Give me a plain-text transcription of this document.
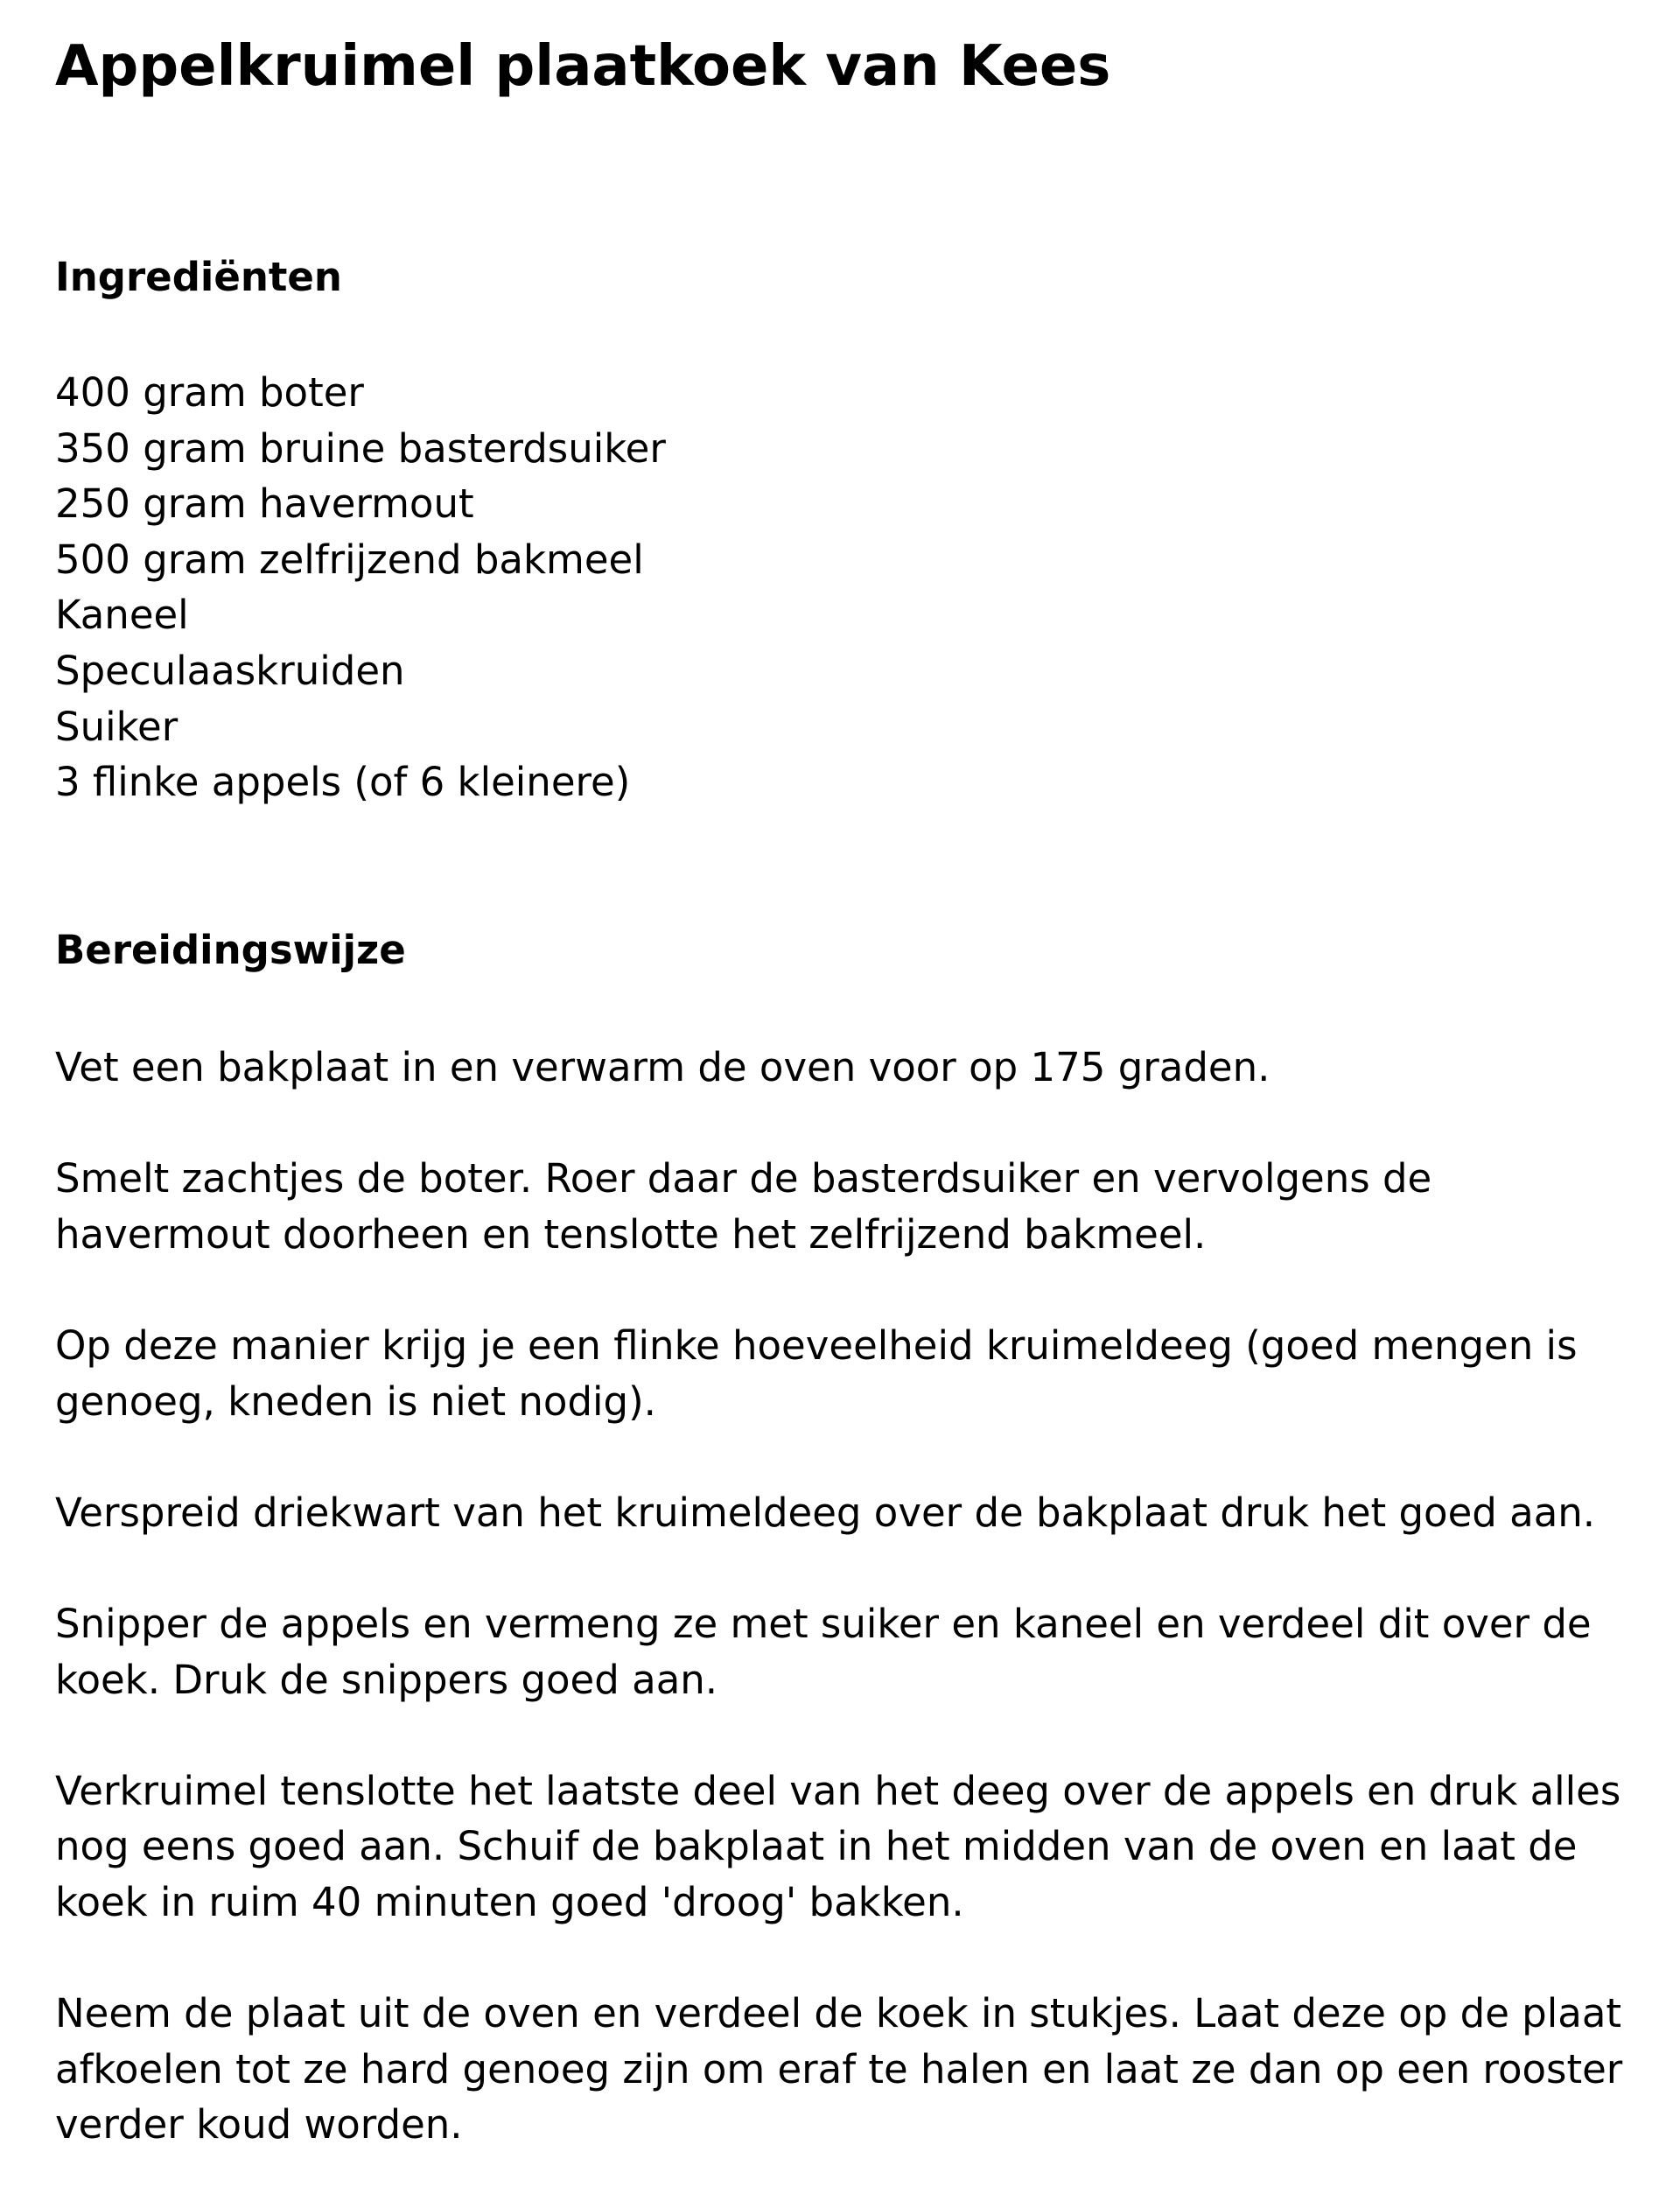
Appelkruimel plaatkoek van Kees
Ingrediënten
400 gram boter
350 gram bruine basterdsuiker
250 gram havermout
500 gram zelfrijzend bakmeel
Kaneel
Speculaaskruiden
Suiker
3 flinke appels (of 6 kleinere)
Bereidingswijze

Vet een bakplaat in en verwarm de oven voor op 175 graden.

Smelt zachtjes de boter. Roer daar de basterdsuiker en vervolgens de havermout doorheen en tenslotte het zelfrijzend bakmeel.

Op deze manier krijg je een flinke hoeveelheid kruimeldeeg (goed mengen is genoeg, kneden is niet nodig).

Verspreid driekwart van het kruimeldeeg over de bakplaat druk het goed aan.

Snipper de appels en vermeng ze met suiker en kaneel en verdeel dit over de koek. Druk de snippers goed aan.

Verkruimel tenslotte het laatste deel van het deeg over de appels en druk alles nog eens goed aan. Schuif de bakplaat in het midden van de oven en laat de koek in ruim 40 minuten goed 'droog' bakken.

Neem de plaat uit de oven en verdeel de koek in stukjes. Laat deze op de plaat afkoelen tot ze hard genoeg zijn om eraf te halen en laat ze dan op een rooster verder koud worden.
